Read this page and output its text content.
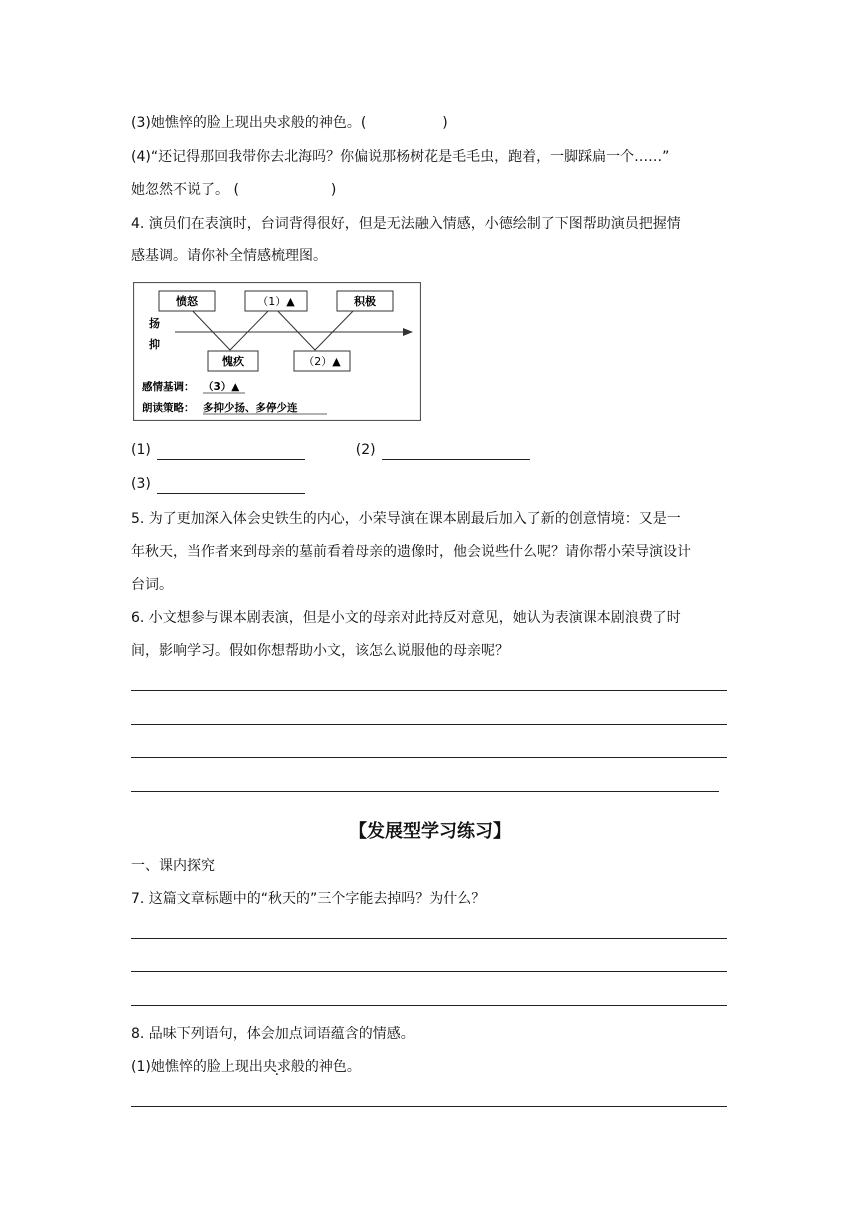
(3)她憔悴的脸上现出央求般的神色。(	)
(4)“还记得那回我带你去北海吗？你偏说那杨树花是毛毛虫，跑着，一脚踩扁一个……”
她忽然不说了。 (	)
4. 演员们在表演时，台词背得很好，但是无法融入情感，小德绘制了下图帮助演员把握情
感基调。请你补全情感梳理图。
愤怒	（1）▲	积极
愧疚	（2）▲
扬
抑
感情基调： （3）▲
朗读策略： 多抑少扬、多停少连
(1)	(2)
(3)
5. 为了更加深入体会史铁生的内心，小荣导演在课本剧最后加入了新的创意情境：又是一
年秋天，当作者来到母亲的墓前看着母亲的遗像时，他会说些什么呢？请你帮小荣导演设计
台词。
6. 小文想参与课本剧表演，但是小文的母亲对此持反对意见，她认为表演课本剧浪费了时
间，影响学习。假如你想帮助小文，该怎么说服他的母亲呢？
【发展型学习练习】
一、课内探究
7. 这篇文章标题中的“秋天的”三个字能去掉吗？为什么？
8. 品味下列语句，体会加点词语蕴含的情感。
(1)她憔悴的脸上现出央求般的神色。
